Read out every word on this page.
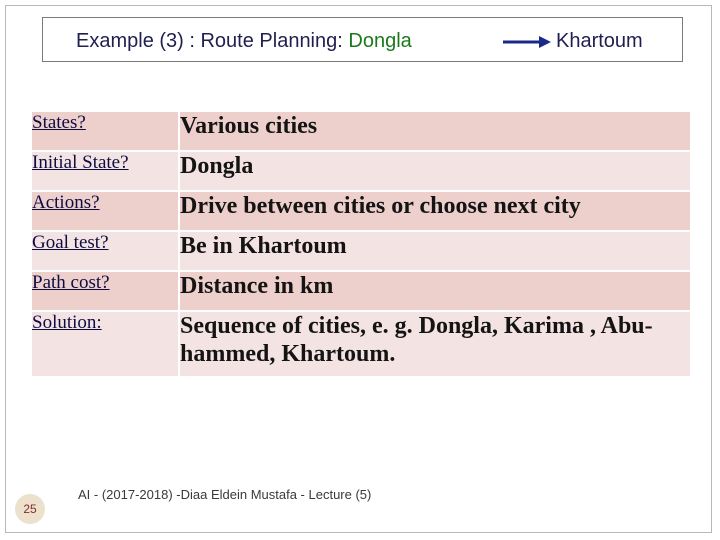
Example (3) : Route Planning: Dongla	Khartoum
States?	Various cities
Initial State?	Dongla
Actions?	Drive between cities or choose next city
Goal test?	Be in Khartoum
Path cost?	Distance in km
Solution:	Sequence of cities, e. g. Dongla, Karima , Abu-hammed, Khartoum.
25
AI - (2017-2018) -Diaa Eldein Mustafa - Lecture (5)
